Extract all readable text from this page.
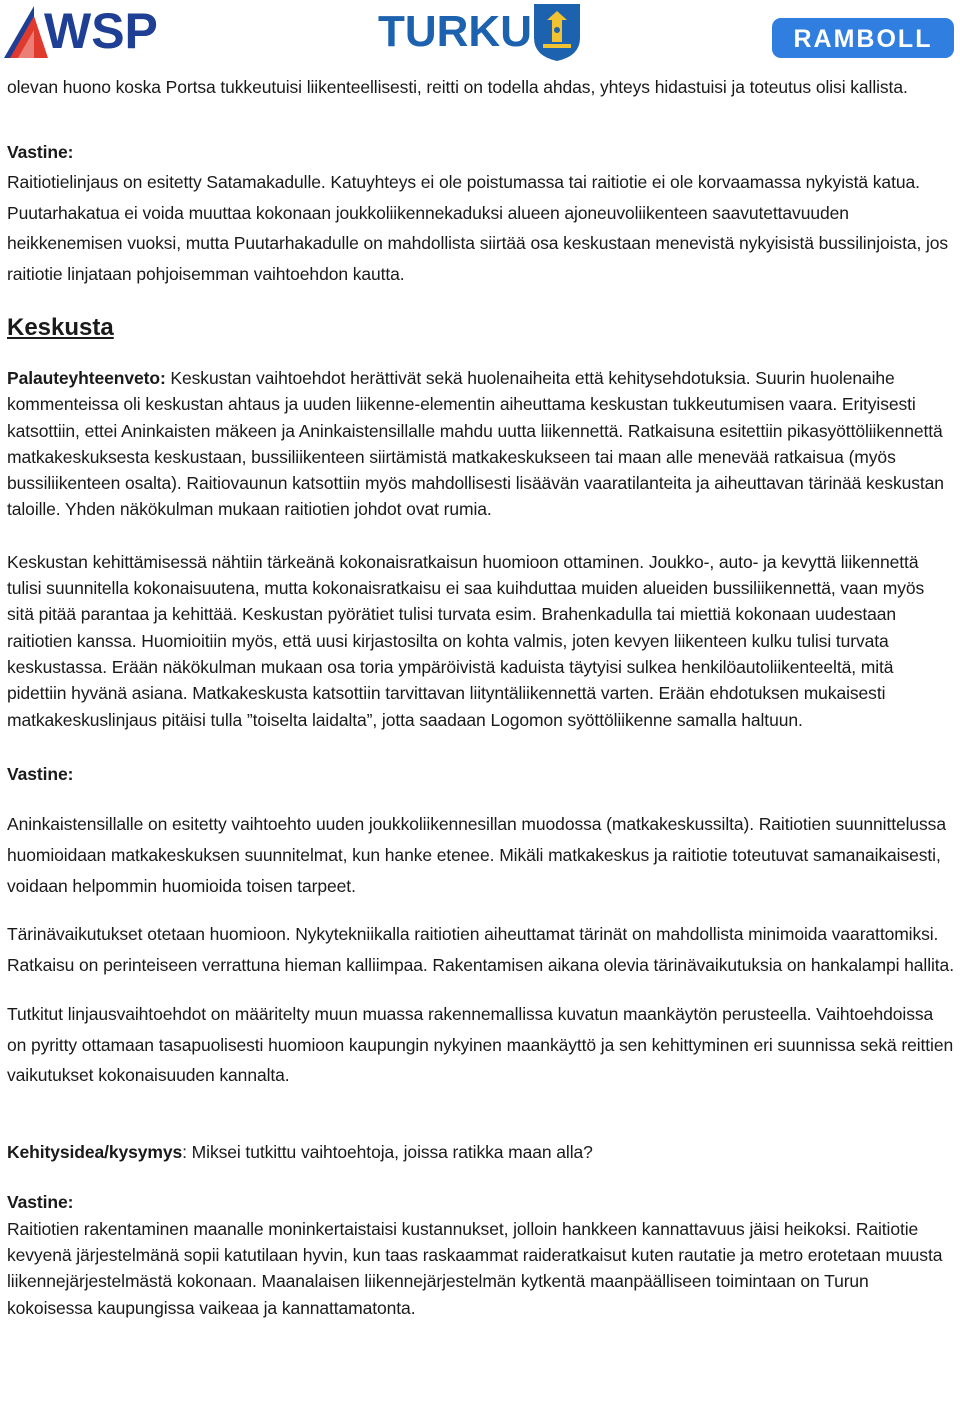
WSP	TURKU	RAMBOLL

olevan huono koska Portsa tukkeutuisi liikenteellisesti, reitti on todella ahdas, yhteys hidastuisi ja toteutus olisi kallista.

Vastine:

Raitiotielinjaus on esitetty Satamakadulle. Katuyhteys ei ole poistumassa tai raitiotie ei ole korvaamassa nykyistä katua. Puutarhakatua ei voida muuttaa kokonaan joukkoliikennekaduksi alueen ajoneuvoliikenteen saavutettavuuden heikkenemisen vuoksi, mutta Puutarhakadulle on mahdollista siirtää osa keskustaan menevistä nykyisistä bussilinjoista, jos raitiotie linjataan pohjoisemman vaihtoehdon kautta.

Keskusta

Palauteyhteenveto: Keskustan vaihtoehdot herättivät sekä huolenaiheita että kehitysehdotuksia. Suurin huolenaihe kommenteissa oli keskustan ahtaus ja uuden liikenne-elementin aiheuttama keskustan tukkeutumisen vaara. Erityisesti katsottiin, ettei Aninkaisten mäkeen ja Aninkaistensillalle mahdu uutta liikennettä. Ratkaisuna esitettiin pikasyöttöliikennettä matkakeskuksesta keskustaan, bussiliikenteen siirtämistä matkakeskukseen tai maan alle menevää ratkaisua (myös bussiliikenteen osalta). Raitiovaunun katsottiin myös mahdollisesti lisäävän vaaratilanteita ja aiheuttavan tärinää keskustan taloille. Yhden näkökulman mukaan raitiotien johdot ovat rumia.

Keskustan kehittämisessä nähtiin tärkeänä kokonaisratkaisun huomioon ottaminen. Joukko-, auto- ja kevyttä liikennettä tulisi suunnitella kokonaisuutena, mutta kokonaisratkaisu ei saa kuihduttaa muiden alueiden bussiliikennettä, vaan myös sitä pitää parantaa ja kehittää. Keskustan pyörätiet tulisi turvata esim. Brahenkadulla tai miettiä kokonaan uudestaan raitiotien kanssa. Huomioitiin myös, että uusi kirjastosilta on kohta valmis, joten kevyen liikenteen kulku tulisi turvata keskustassa. Erään näkökulman mukaan osa toria ympäröivistä kaduista täytyisi sulkea henkilöautoliikenteeltä, mitä pidettiin hyvänä asiana. Matkakeskusta katsottiin tarvittavan liityntäliikennettä varten. Erään ehdotuksen mukaisesti matkakeskuslinjaus pitäisi tulla ”toiselta laidalta”, jotta saadaan Logomon syöttöliikenne samalla haltuun.

Vastine:

Aninkaistensillalle on esitetty vaihtoehto uuden joukkoliikennesillan muodossa (matkakeskussilta). Raitiotien suunnittelussa huomioidaan matkakeskuksen suunnitelmat, kun hanke etenee. Mikäli matkakeskus ja raitiotie toteutuvat samanaikaisesti, voidaan helpommin huomioida toisen tarpeet.

Tärinävaikutukset otetaan huomioon. Nykytekniikalla raitiotien aiheuttamat tärinät on mahdollista minimoida vaarattomiksi. Ratkaisu on perinteiseen verrattuna hieman kalliimpaa. Rakentamisen aikana olevia tärinävaikutuksia on hankalampi hallita.

Tutkitut linjausvaihtoehdot on määritelty muun muassa rakennemallissa kuvatun maankäytön perusteella. Vaihtoehdoissa on pyritty ottamaan tasapuolisesti huomioon kaupungin nykyinen maankäyttö ja sen kehittyminen eri suunnissa sekä reittien vaikutukset kokonaisuuden kannalta.

Kehitysidea/kysymys: Miksei tutkittu vaihtoehtoja, joissa ratikka maan alla?

Vastine:

Raitiotien rakentaminen maanalle moninkertaistaisi kustannukset, jolloin hankkeen kannattavuus jäisi heikoksi. Raitiotie kevyenä järjestelmänä sopii katutilaan hyvin, kun taas raskaammat raideratkaisut kuten rautatie ja metro erotetaan muusta liikennejärjestelmästä kokonaan. Maanalaisen liikennejärjestelmän kytkentä maanpäälliseen toimintaan on Turun kokoisessa kaupungissa vaikeaa ja kannattamatonta.
